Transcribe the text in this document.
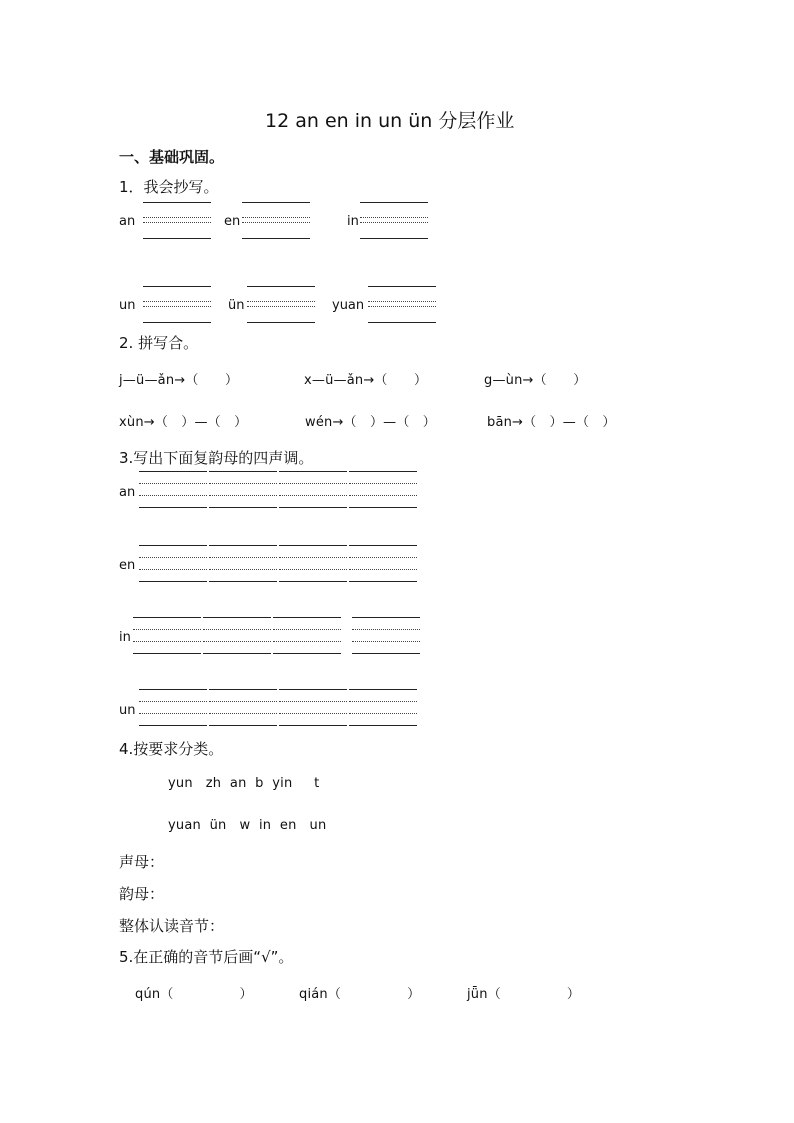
12 an en in un ün 分层作业
一、基础巩固。
1．我会抄写。
an	en	in
un	ün	yuan
2. 拼写合。
j—ü—ǎn→（　　）	x—ü—ǎn→（　　）	g—ùn→（　　）
xùn→（　）—（　）	wén→（　）—（　）	bān→（　）—（　）
3.写出下面复韵母的四声调。
an
en
in
un
4.按要求分类。
yun   zh  an  b  yin     t
yuan  ün   w  in  en   un
声母：
韵母：
整体认读音节：
5.在正确的音节后画“√”。
qún（　　　　　）	qián（　　　　　）	jǖn（　　　　　）
